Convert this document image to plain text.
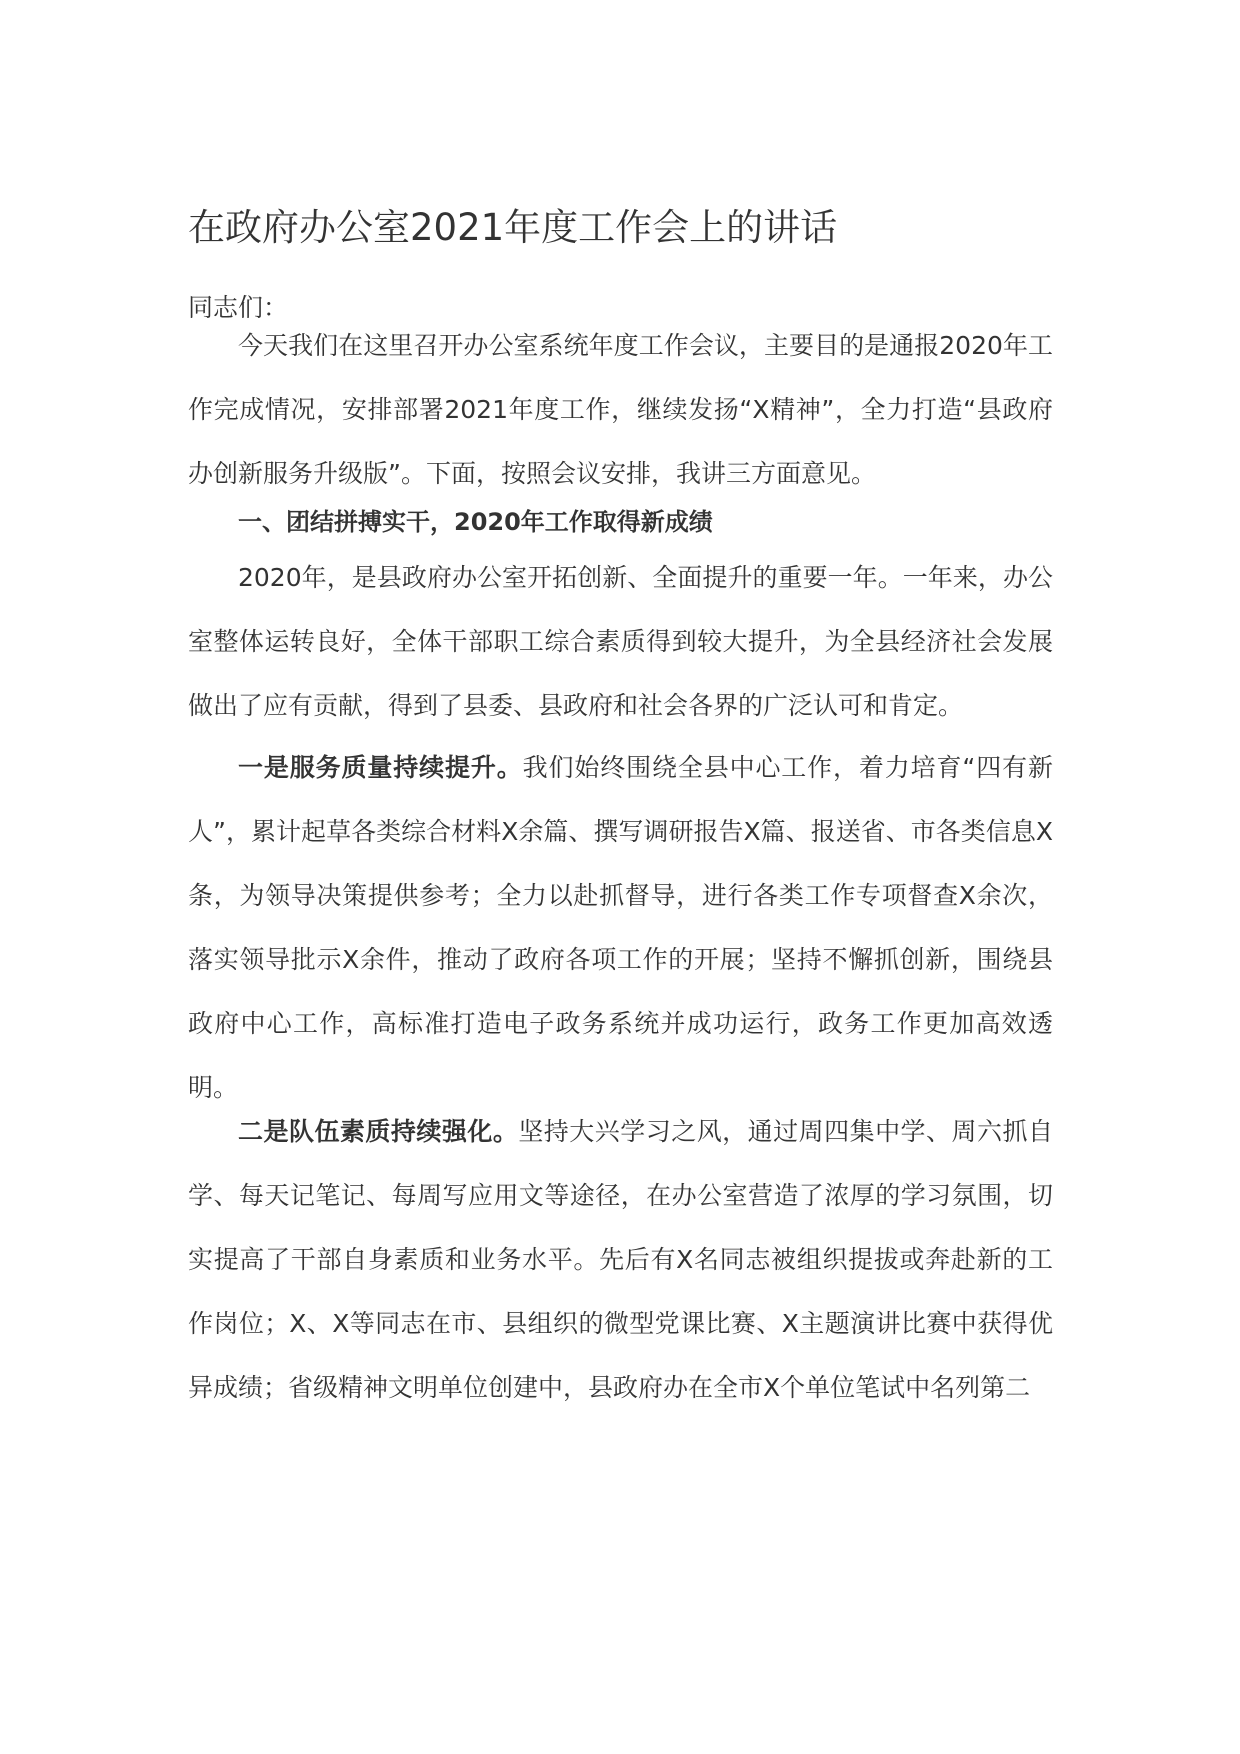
在政府办公室2021年度工作会上的讲话
同志们：

今天我们在这里召开办公室系统年度工作会议，主要目的是通报2020年工作完成情况，安排部署2021年度工作，继续发扬“X精神”，全力打造“县政府办创新服务升级版”。下面，按照会议安排，我讲三方面意见。

一、团结拼搏实干，2020年工作取得新成绩

2020年，是县政府办公室开拓创新、全面提升的重要一年。一年来，办公室整体运转良好，全体干部职工综合素质得到较大提升，为全县经济社会发展做出了应有贡献，得到了县委、县政府和社会各界的广泛认可和肯定。

一是服务质量持续提升。我们始终围绕全县中心工作，着力培育“四有新人”，累计起草各类综合材料X余篇、撰写调研报告X篇、报送省、市各类信息X条，为领导决策提供参考；全力以赴抓督导，进行各类工作专项督查X余次，落实领导批示X余件，推动了政府各项工作的开展；坚持不懈抓创新，围绕县政府中心工作，高标准打造电子政务系统并成功运行，政务工作更加高效透明。

二是队伍素质持续强化。坚持大兴学习之风，通过周四集中学、周六抓自学、每天记笔记、每周写应用文等途径，在办公室营造了浓厚的学习氛围，切实提高了干部自身素质和业务水平。先后有X名同志被组织提拔或奔赴新的工作岗位；X、X等同志在市、县组织的微型党课比赛、X主题演讲比赛中获得优异成绩；省级精神文明单位创建中，县政府办在全市X个单位笔试中名列第二
